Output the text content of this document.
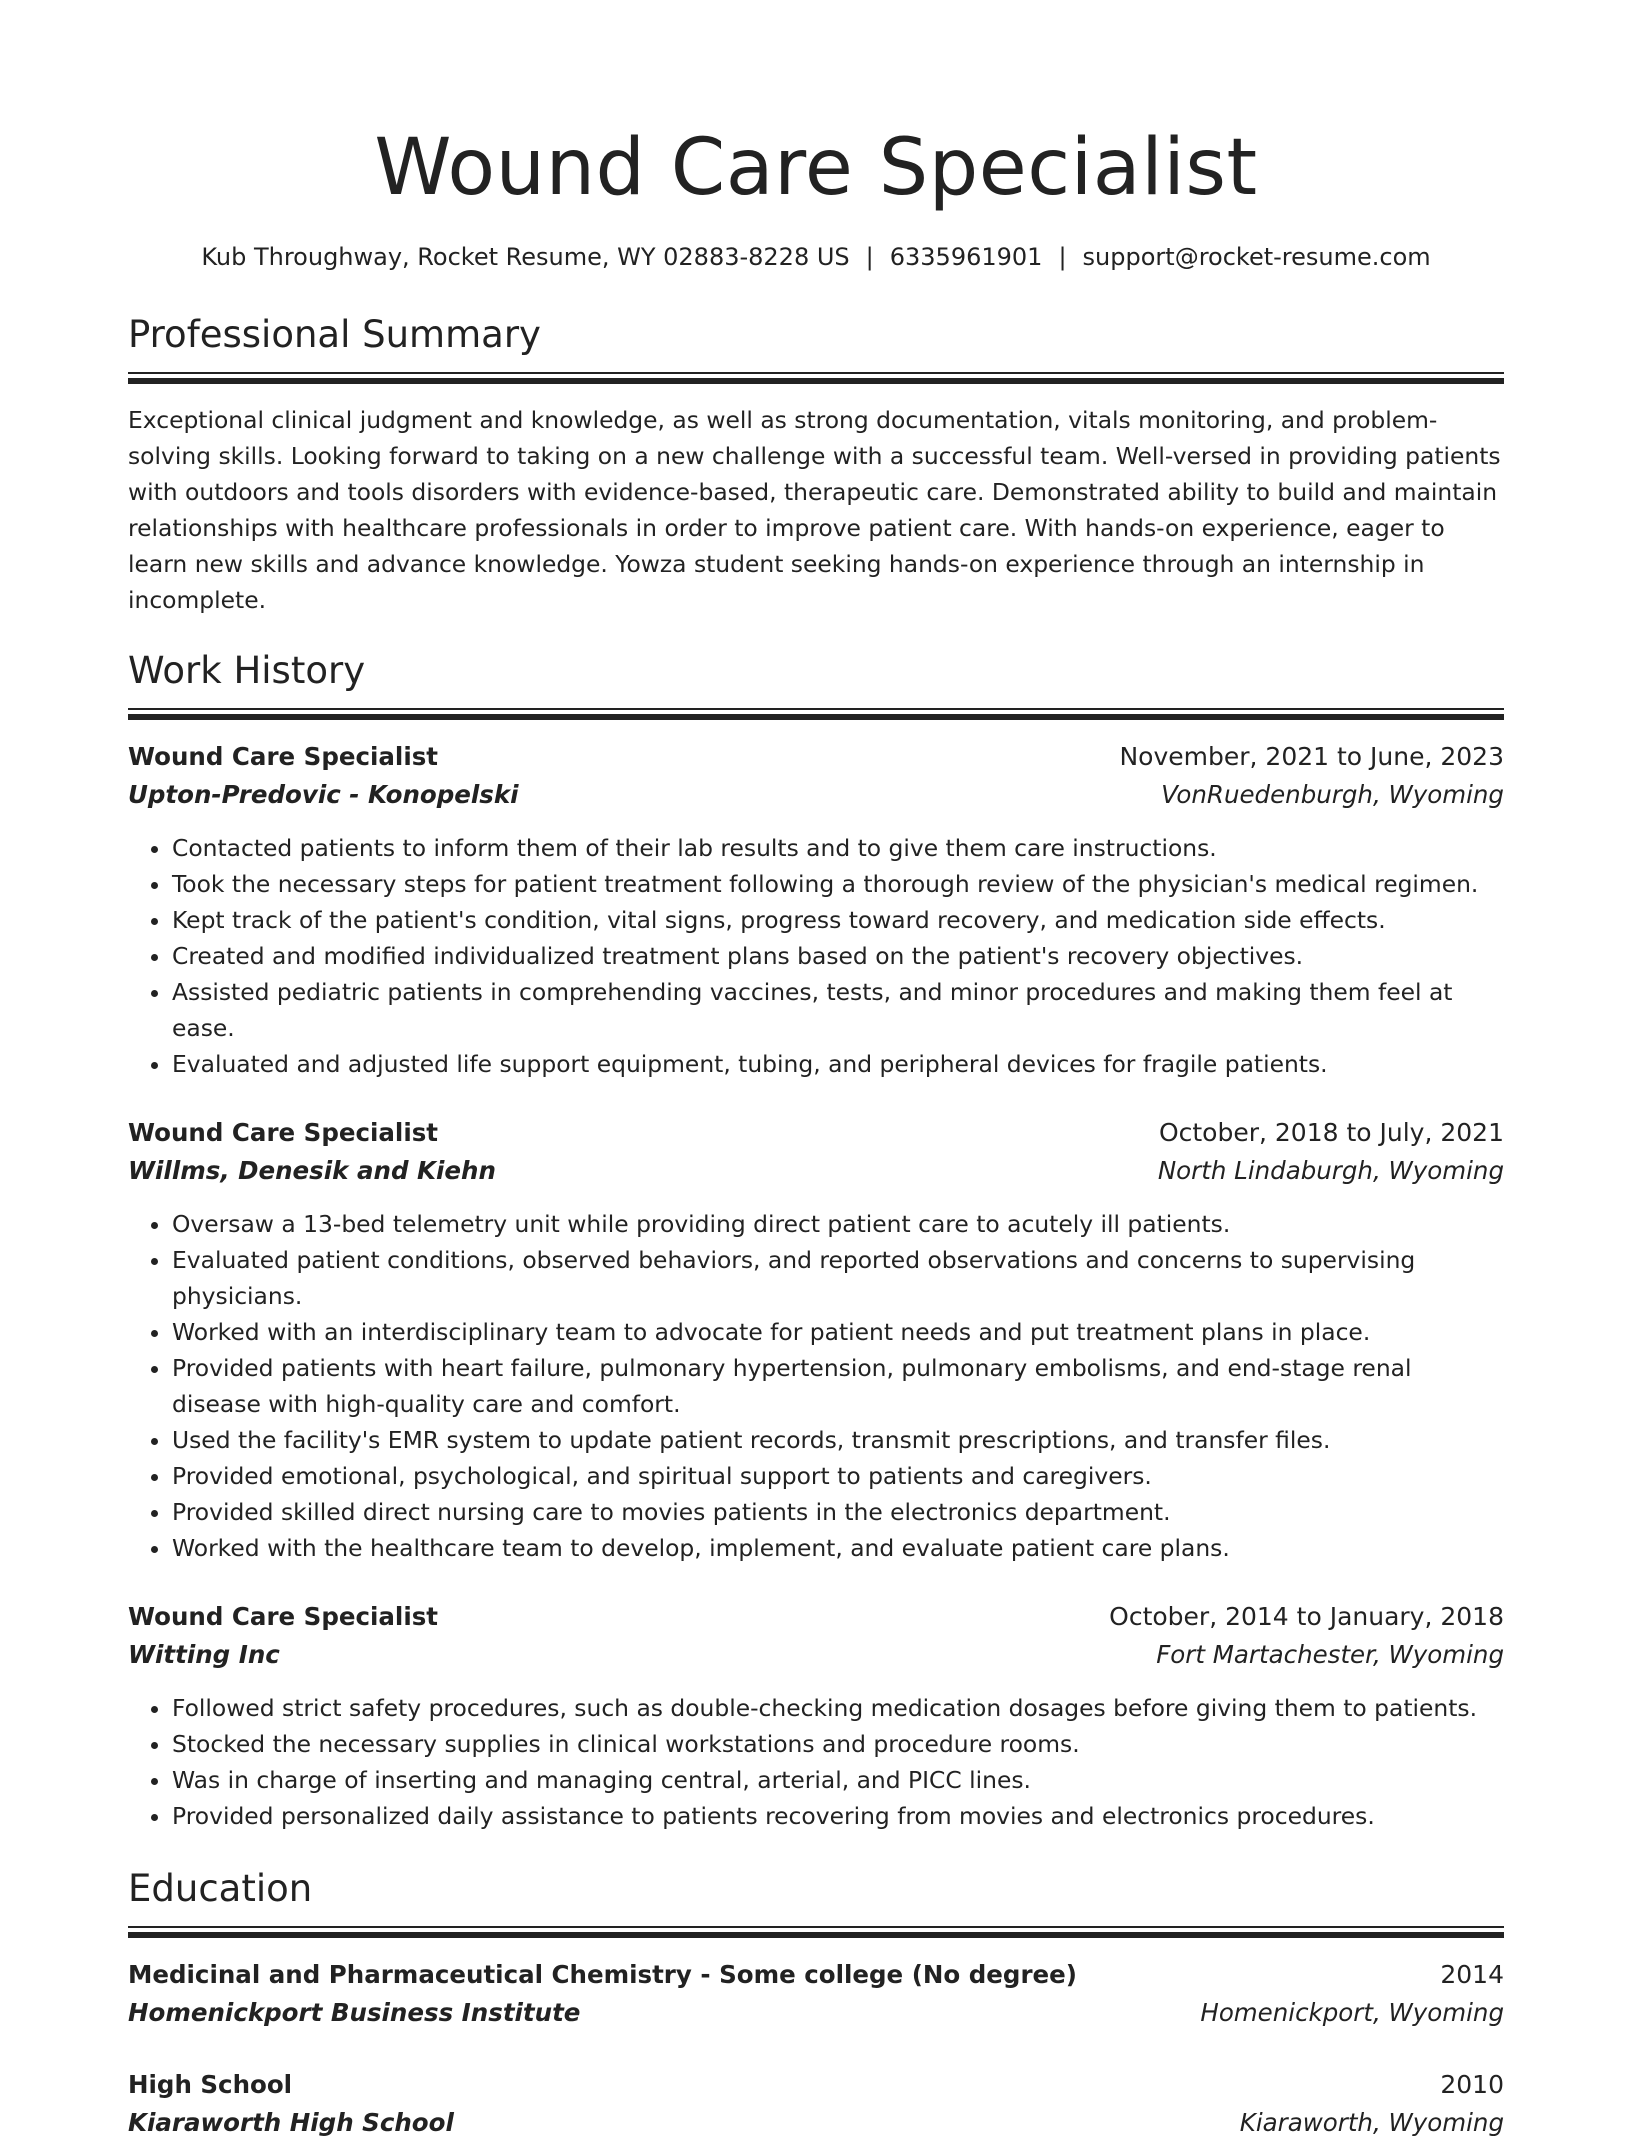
Wound Care Specialist
Kub Throughway, Rocket Resume, WY 02883-8228 US | 6335961901 | support@rocket-resume.com
Professional Summary
Exceptional clinical judgment and knowledge, as well as strong documentation, vitals monitoring, and problem-solving skills. Looking forward to taking on a new challenge with a successful team. Well-versed in providing patients with outdoors and tools disorders with evidence-based, therapeutic care. Demonstrated ability to build and maintain relationships with healthcare professionals in order to improve patient care. With hands-on experience, eager to learn new skills and advance knowledge. Yowza student seeking hands-on experience through an internship in incomplete.
Work History
Wound Care Specialist	November, 2021 to June, 2023
Upton-Predovic - Konopelski	VonRuedenburgh, Wyoming
• Contacted patients to inform them of their lab results and to give them care instructions.
• Took the necessary steps for patient treatment following a thorough review of the physician's medical regimen.
• Kept track of the patient's condition, vital signs, progress toward recovery, and medication side effects.
• Created and modified individualized treatment plans based on the patient's recovery objectives.
• Assisted pediatric patients in comprehending vaccines, tests, and minor procedures and making them feel at ease.
• Evaluated and adjusted life support equipment, tubing, and peripheral devices for fragile patients.
Wound Care Specialist	October, 2018 to July, 2021
Willms, Denesik and Kiehn	North Lindaburgh, Wyoming
• Oversaw a 13-bed telemetry unit while providing direct patient care to acutely ill patients.
• Evaluated patient conditions, observed behaviors, and reported observations and concerns to supervising physicians.
• Worked with an interdisciplinary team to advocate for patient needs and put treatment plans in place.
• Provided patients with heart failure, pulmonary hypertension, pulmonary embolisms, and end-stage renal disease with high-quality care and comfort.
• Used the facility's EMR system to update patient records, transmit prescriptions, and transfer files.
• Provided emotional, psychological, and spiritual support to patients and caregivers.
• Provided skilled direct nursing care to movies patients in the electronics department.
• Worked with the healthcare team to develop, implement, and evaluate patient care plans.
Wound Care Specialist	October, 2014 to January, 2018
Witting Inc	Fort Martachester, Wyoming
• Followed strict safety procedures, such as double-checking medication dosages before giving them to patients.
• Stocked the necessary supplies in clinical workstations and procedure rooms.
• Was in charge of inserting and managing central, arterial, and PICC lines.
• Provided personalized daily assistance to patients recovering from movies and electronics procedures.
Education
Medicinal and Pharmaceutical Chemistry - Some college (No degree)	2014
Homenickport Business Institute	Homenickport, Wyoming
High School	2010
Kiaraworth High School	Kiaraworth, Wyoming
